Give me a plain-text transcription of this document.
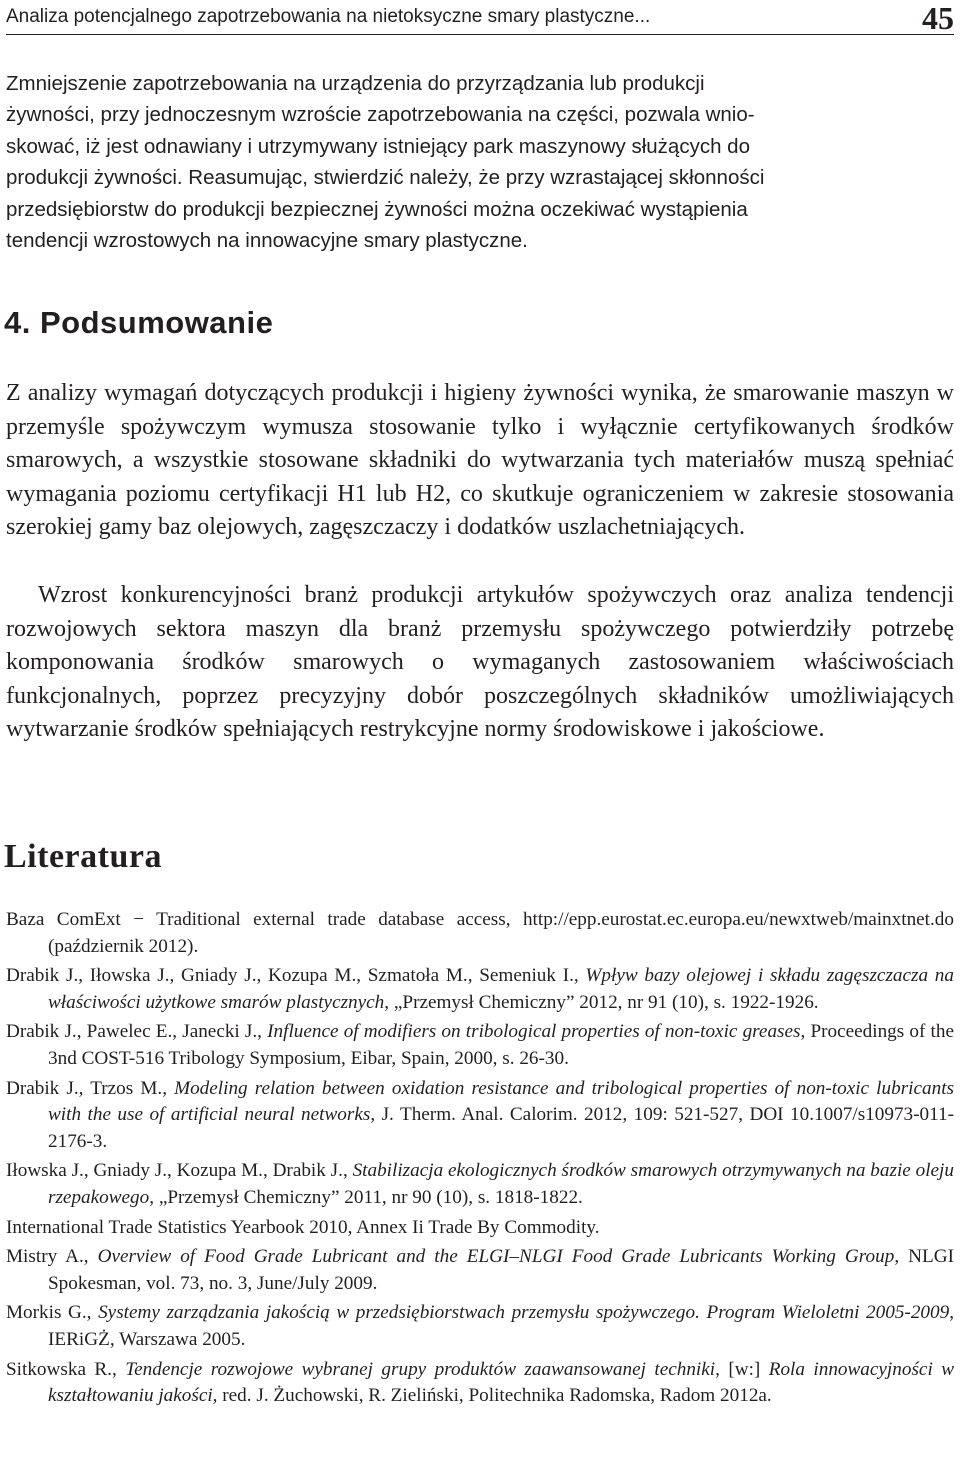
Analiza potencjalnego zapotrzebowania na nietoksyczne smary plastyczne...	45

Zmniejszenie zapotrzebowania na urządzenia do przyrządzania lub produkcji
żywności, przy jednoczesnym wzroście zapotrzebowania na części, pozwala wnio-
skować, iż jest odnawiany i utrzymywany istniejący park maszynowy służących do
produkcji żywności. Reasumując, stwierdzić należy, że przy wzrastającej skłonności
przedsiębiorstw do produkcji bezpiecznej żywności można oczekiwać wystąpienia
tendencji wzrostowych na innowacyjne smary plastyczne.

4. Podsumowanie

Z analizy wymagań dotyczących produkcji i higieny żywności wynika, że smarowanie maszyn w przemyśle spożywczym wymusza stosowanie tylko i wyłącznie certyfikowanych środków smarowych, a wszystkie stosowane składniki do wytwarzania tych materiałów muszą spełniać wymagania poziomu certyfikacji H1 lub H2, co skutkuje ograniczeniem w zakresie stosowania szerokiej gamy baz olejowych, zagęszczaczy i dodatków uszlachetniających.

Wzrost konkurencyjności branż produkcji artykułów spożywczych oraz analiza tendencji rozwojowych sektora maszyn dla branż przemysłu spożywczego potwierdziły potrzebę komponowania środków smarowych o wymaganych zastosowaniem właściwościach funkcjonalnych, poprzez precyzyjny dobór poszczególnych składników umożliwiających wytwarzanie środków spełniających restrykcyjne normy środowiskowe i jakościowe.

Literatura
Baza ComExt − Traditional external trade database access, http://epp.eurostat.ec.europa.eu/newxtweb/mainxtnet.do (październik 2012).
Drabik J., Iłowska J., Gniady J., Kozupa M., Szmatoła M., Semeniuk I., Wpływ bazy olejowej i składu zagęszczacza na właściwości użytkowe smarów plastycznych, „Przemysł Chemiczny” 2012, nr 91 (10), s. 1922-1926.
Drabik J., Pawelec E., Janecki J., Influence of modifiers on tribological properties of non-toxic greases, Proceedings of the 3nd COST-516 Tribology Symposium, Eibar, Spain, 2000, s. 26-30.
Drabik J., Trzos M., Modeling relation between oxidation resistance and tribological properties of non-toxic lubricants with the use of artificial neural networks, J. Therm. Anal. Calorim. 2012, 109: 521-527, DOI 10.1007/s10973-011-2176-3.
Iłowska J., Gniady J., Kozupa M., Drabik J., Stabilizacja ekologicznych środków smarowych otrzymywanych na bazie oleju rzepakowego, „Przemysł Chemiczny” 2011, nr 90 (10), s. 1818-1822.
International Trade Statistics Yearbook 2010, Annex Ii Trade By Commodity.
Mistry A., Overview of Food Grade Lubricant and the ELGI–NLGI Food Grade Lubricants Working Group, NLGI Spokesman, vol. 73, no. 3, June/July 2009.
Morkis G., Systemy zarządzania jakością w przedsiębiorstwach przemysłu spożywczego. Program Wieloletni 2005-2009, IERiGŻ, Warszawa 2005.
Sitkowska R., Tendencje rozwojowe wybranej grupy produktów zaawansowanej techniki, [w:] Rola innowacyjności w kształtowaniu jakości, red. J. Żuchowski, R. Zieliński, Politechnika Radomska, Radom 2012a.
